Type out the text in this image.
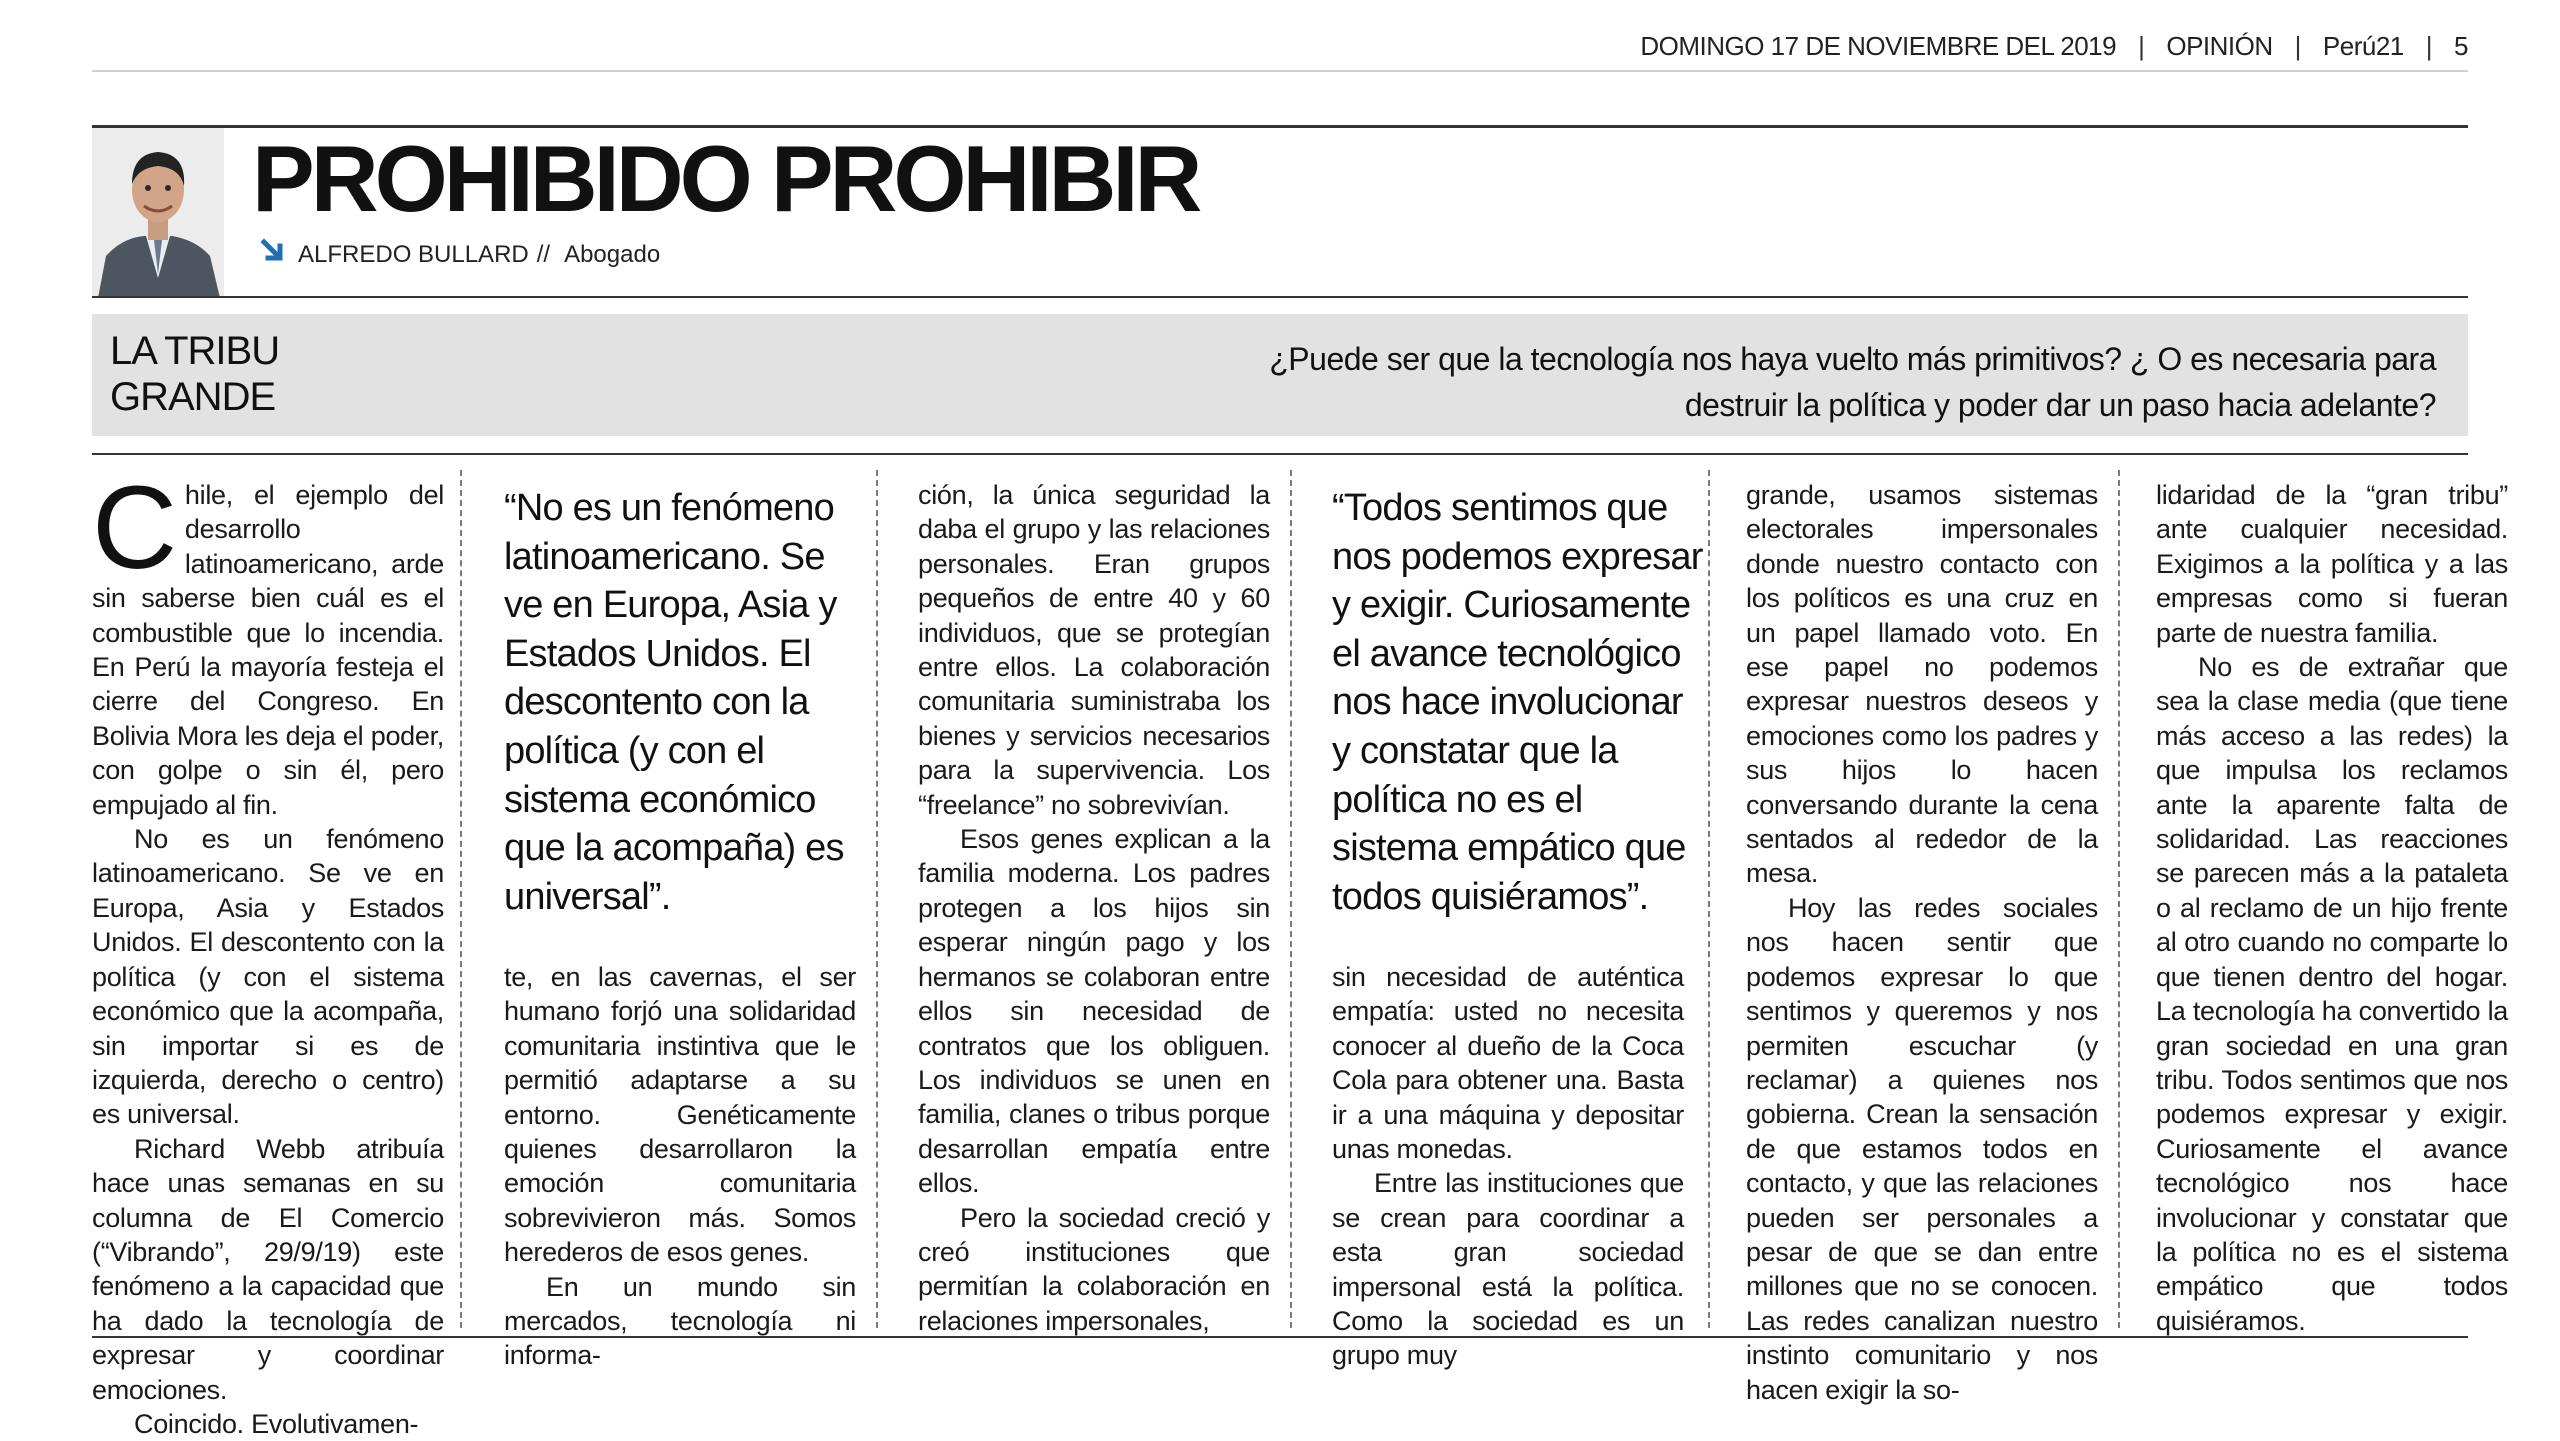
DOMINGO 17 DE NOVIEMBRE DEL 2019 | OPINIÓN | Perú21 | 5
PROHIBIDO PROHIBIR
ALFREDO BULLARD // Abogado
LA TRIBU GRANDE
¿Puede ser que la tecnología nos haya vuelto más primitivos? ¿ O es necesaria para destruir la política y poder dar un paso hacia adelante?

Chile, el ejemplo del desarrollo latinoamericano, arde sin saberse bien cuál es el combustible que lo incendia. En Perú la mayoría festeja el cierre del Congreso. En Bolivia Mora les deja el poder, con golpe o sin él, pero empujado al fin.

No es un fenómeno latinoamericano. Se ve en Europa, Asia y Estados Unidos. El descontento con la política (y con el sistema económico que la acompaña, sin importar si es de izquierda, derecho o centro) es universal.

Richard Webb atribuía hace unas semanas en su columna de El Comercio (“Vibrando”, 29/9/19) este fenómeno a la capacidad que ha dado la tecnología de expresar y coordinar emociones.

Coincido. Evolutivamen-

“No es un fenómeno latinoamericano. Se ve en Europa, Asia y Estados Unidos. El descontento con la política (y con el sistema económico que la acompaña) es universal”.

te, en las cavernas, el ser humano forjó una solidaridad comunitaria instintiva que le permitió adaptarse a su entorno. Genéticamente quienes desarrollaron la emoción comunitaria sobrevivieron más. Somos herederos de esos genes.

En un mundo sin mercados, tecnología ni informa-

ción, la única seguridad la daba el grupo y las relaciones personales. Eran grupos pequeños de entre 40 y 60 individuos, que se protegían entre ellos. La colaboración comunitaria suministraba los bienes y servicios necesarios para la supervivencia. Los “freelance” no sobrevivían.

Esos genes explican a la familia moderna. Los padres protegen a los hijos sin esperar ningún pago y los hermanos se colaboran entre ellos sin necesidad de contratos que los obliguen. Los individuos se unen en familia, clanes o tribus porque desarrollan empatía entre ellos.

Pero la sociedad creció y creó instituciones que permitían la colaboración en relaciones impersonales,

“Todos sentimos que nos podemos expresar y exigir. Curiosamente el avance tecnológico nos hace involucionar y constatar que la política no es el sistema empático que todos quisiéramos”.

sin necesidad de auténtica empatía: usted no necesita conocer al dueño de la Coca Cola para obtener una. Basta ir a una máquina y depositar unas monedas.

Entre las instituciones que se crean para coordinar a esta gran sociedad impersonal está la política. Como la sociedad es un grupo muy

grande, usamos sistemas electorales impersonales donde nuestro contacto con los políticos es una cruz en un papel llamado voto. En ese papel no podemos expresar nuestros deseos y emociones como los padres y sus hijos lo hacen conversando durante la cena sentados al rededor de la mesa.

Hoy las redes sociales nos hacen sentir que podemos expresar lo que sentimos y queremos y nos permiten escuchar (y reclamar) a quienes nos gobierna. Crean la sensación de que estamos todos en contacto, y que las relaciones pueden ser personales a pesar de que se dan entre millones que no se conocen. Las redes canalizan nuestro instinto comunitario y nos hacen exigir la so-

lidaridad de la “gran tribu” ante cualquier necesidad. Exigimos a la política y a las empresas como si fueran parte de nuestra familia.

No es de extrañar que sea la clase media (que tiene más acceso a las redes) la que impulsa los reclamos ante la aparente falta de solidaridad. Las reacciones se parecen más a la pataleta o al reclamo de un hijo frente al otro cuando no comparte lo que tienen dentro del hogar. La tecnología ha convertido la gran sociedad en una gran tribu. Todos sentimos que nos podemos expresar y exigir. Curiosamente el avance tecnológico nos hace involucionar y constatar que la política no es el sistema empático que todos quisiéramos.
